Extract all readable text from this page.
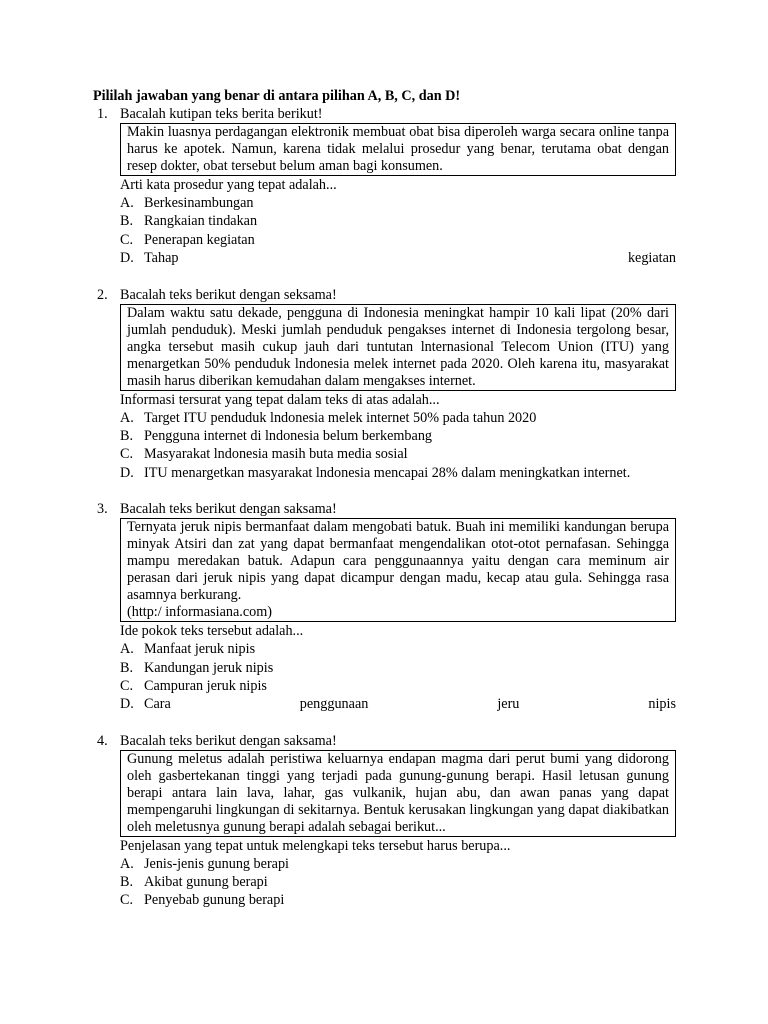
Pililah jawaban yang benar di antara pilihan A, B, C, dan D!

1. Bacalah kutipan teks berita berikut!

Makin luasnya perdagangan elektronik membuat obat bisa diperoleh warga secara online tanpa harus ke apotek. Namun, karena tidak melalui prosedur yang benar, terutama obat dengan resep dokter, obat tersebut belum aman bagi konsumen.

Arti kata prosedur yang tepat adalah...
A. Berkesinambungan
B. Rangkaian tindakan
C. Penerapan kegiatan
D. Tahap	kegiatan
2. Bacalah teks berikut dengan seksama!

Dalam waktu satu dekade, pengguna di Indonesia meningkat hampir 10 kali lipat (20% dari jumlah penduduk). Meski jumlah penduduk pengakses internet di Indonesia tergolong besar, angka tersebut masih cukup jauh dari tuntutan lnternasional Telecom Union (ITU) yang menargetkan 50% penduduk lndonesia melek internet pada 2020. Oleh karena itu, masyarakat masih harus diberikan kemudahan dalam mengakses internet.

Informasi tersurat yang tepat dalam teks di atas adalah...
A. Target ITU penduduk lndonesia melek internet 50% pada tahun 2020
B. Pengguna internet di lndonesia belum berkembang
C. Masyarakat lndonesia masih buta media sosial
D. ITU menargetkan masyarakat lndonesia mencapai 28% dalam meningkatkan internet.
3. Bacalah teks berikut dengan saksama!

Ternyata jeruk nipis bermanfaat dalam mengobati batuk. Buah ini memiliki kandungan berupa minyak Atsiri dan zat yang dapat bermanfaat mengendalikan otot-otot pernafasan. Sehingga mampu meredakan batuk. Adapun cara penggunaannya yaitu dengan cara meminum air perasan dari jeruk nipis yang dapat dicampur dengan madu, kecap atau gula. Sehingga rasa asamnya berkurang.

(http:/ informasiana.com)

Ide pokok teks tersebut adalah...
A. Manfaat jeruk nipis
B. Kandungan jeruk nipis
C. Campuran jeruk nipis
D. Cara	penggunaan	jeru	nipis
4. Bacalah teks berikut dengan saksama!

Gunung meletus adalah peristiwa keluarnya endapan magma dari perut bumi yang didorong oleh gasbertekanan tinggi yang terjadi pada gunung-gunung berapi. Hasil letusan gunung berapi antara lain lava, lahar, gas vulkanik, hujan abu, dan awan panas yang dapat mempengaruhi lingkungan di sekitarnya. Bentuk kerusakan lingkungan yang dapat diakibatkan oleh meletusnya gunung berapi adalah sebagai berikut...

Penjelasan yang tepat untuk melengkapi teks tersebut harus berupa...
A. Jenis-jenis gunung berapi
B. Akibat gunung berapi
C. Penyebab gunung berapi
